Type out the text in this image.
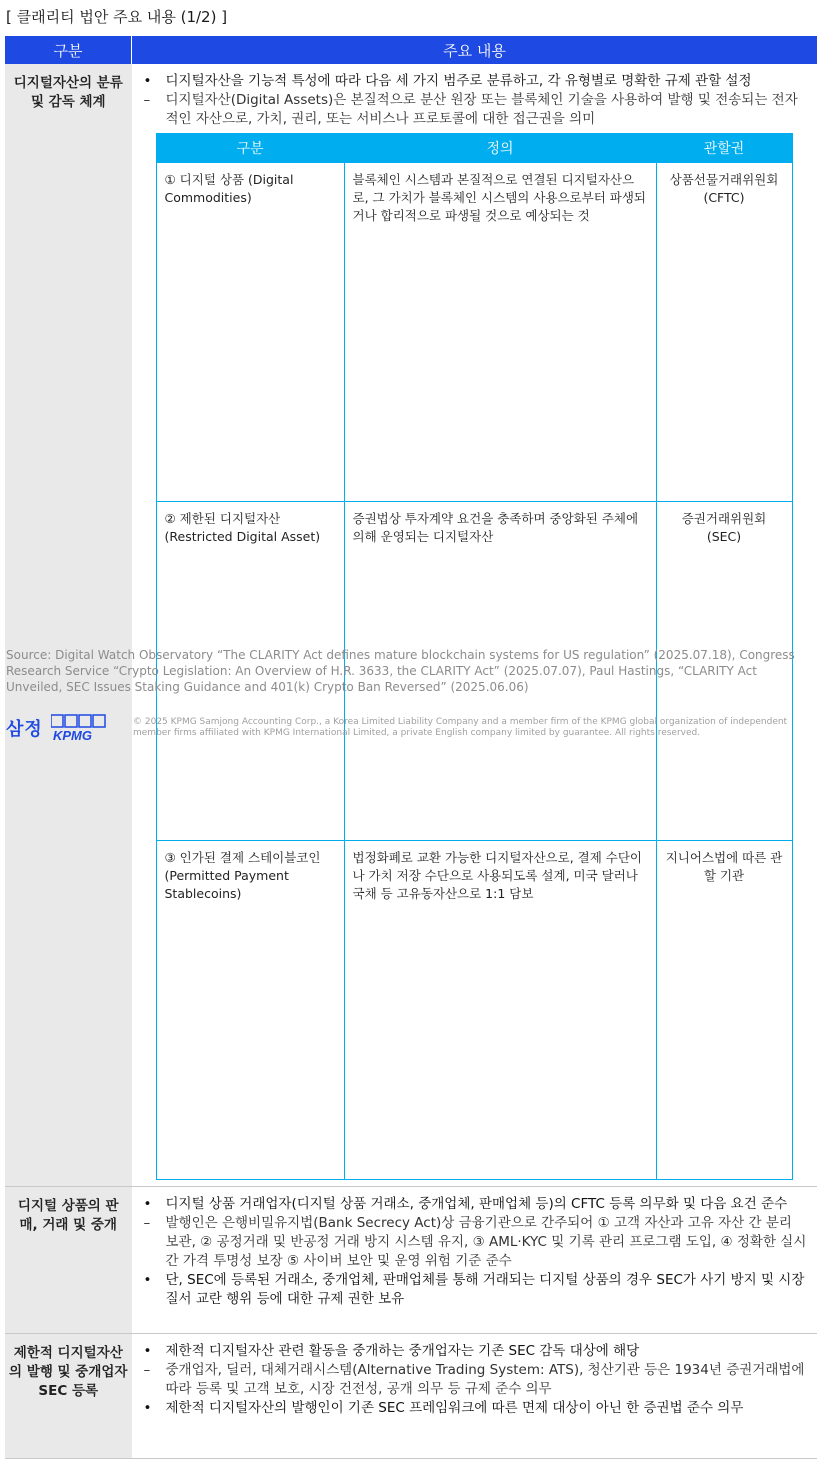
[ 클래리티 법안 주요 내용 (1/2) ]
구분	주요 내용
디지털자산의 분류 및 감독 체계	
• 디지털자산을 기능적 특성에 따라 다음 세 가지 범주로 분류하고, 각 유형별로 명확한 규제 관할 설정
– 디지털자산(Digital Assets)은 본질적으로 분산 원장 또는 블록체인 기술을 사용하여 발행 및 전송되는 전자적인 자산으로, 가치, 권리, 또는 서비스나 프로토콜에 대한 접근권을 의미
구분	정의	관할권
① 디지털 상품 (Digital Commodities)	블록체인 시스템과 본질적으로 연결된 디지털자산으로, 그 가치가 블록체인 시스템의 사용으로부터 파생되거나 합리적으로 파생될 것으로 예상되는 것	상품선물거래위원회 (CFTC)
② 제한된 디지털자산 (Restricted Digital Asset)	증권법상 투자계약 요건을 충족하며 중앙화된 주체에 의해 운영되는 디지털자산	증권거래위원회 (SEC)
③ 인가된 결제 스테이블코인 (Permitted Payment Stablecoins)	법정화폐로 교환 가능한 디지털자산으로, 결제 수단이나 가치 저장 수단으로 사용되도록 설계, 미국 달러나 국채 등 고유동자산으로 1:1 담보	지니어스법에 따른 관할 기관

디지털 상품의 판매, 거래 및 중개	
• 디지털 상품 거래업자(디지털 상품 거래소, 중개업체, 판매업체 등)의 CFTC 등록 의무화 및 다음 요건 준수
– 발행인은 은행비밀유지법(Bank Secrecy Act)상 금융기관으로 간주되어 ① 고객 자산과 고유 자산 간 분리 보관, ② 공정거래 및 반공정 거래 방지 시스템 유지, ③ AML·KYC 및 기록 관리 프로그램 도입, ④ 정확한 실시간 가격 투명성 보장 ⑤ 사이버 보안 및 운영 위험 기준 준수
• 단, SEC에 등록된 거래소, 중개업체, 판매업체를 통해 거래되는 디지털 상품의 경우 SEC가 사기 방지 및 시장질서 교란 행위 등에 대한 규제 권한 보유

제한적 디지털자산의 발행 및 중개업자 SEC 등록	
• 제한적 디지털자산 관련 활동을 중개하는 중개업자는 기존 SEC 감독 대상에 해당
– 중개업자, 딜러, 대체거래시스템(Alternative Trading System: ATS), 청산기관 등은 1934년 증권거래법에 따라 등록 및 고객 보호, 시장 건전성, 공개 의무 등 규제 준수 의무
• 제한적 디지털자산의 발행인이 기존 SEC 프레임워크에 따른 면제 대상이 아닌 한 증권법 준수 의무
Source: Digital Watch Observatory “The CLARITY Act defines mature blockchain systems for US regulation” (2025.07.18), Congress Research Service “Crypto Legislation: An Overview of H.R. 3633, the CLARITY Act” (2025.07.07), Paul Hastings, “CLARITY Act Unveiled, SEC Issues Staking Guidance and 401(k) Crypto Ban Reversed” (2025.06.06)
삼정 KPMG
© 2025 KPMG Samjong Accounting Corp., a Korea Limited Liability Company and a member firm of the KPMG global organization of independent member firms affiliated with KPMG International Limited, a private English company limited by guarantee. All rights reserved.
